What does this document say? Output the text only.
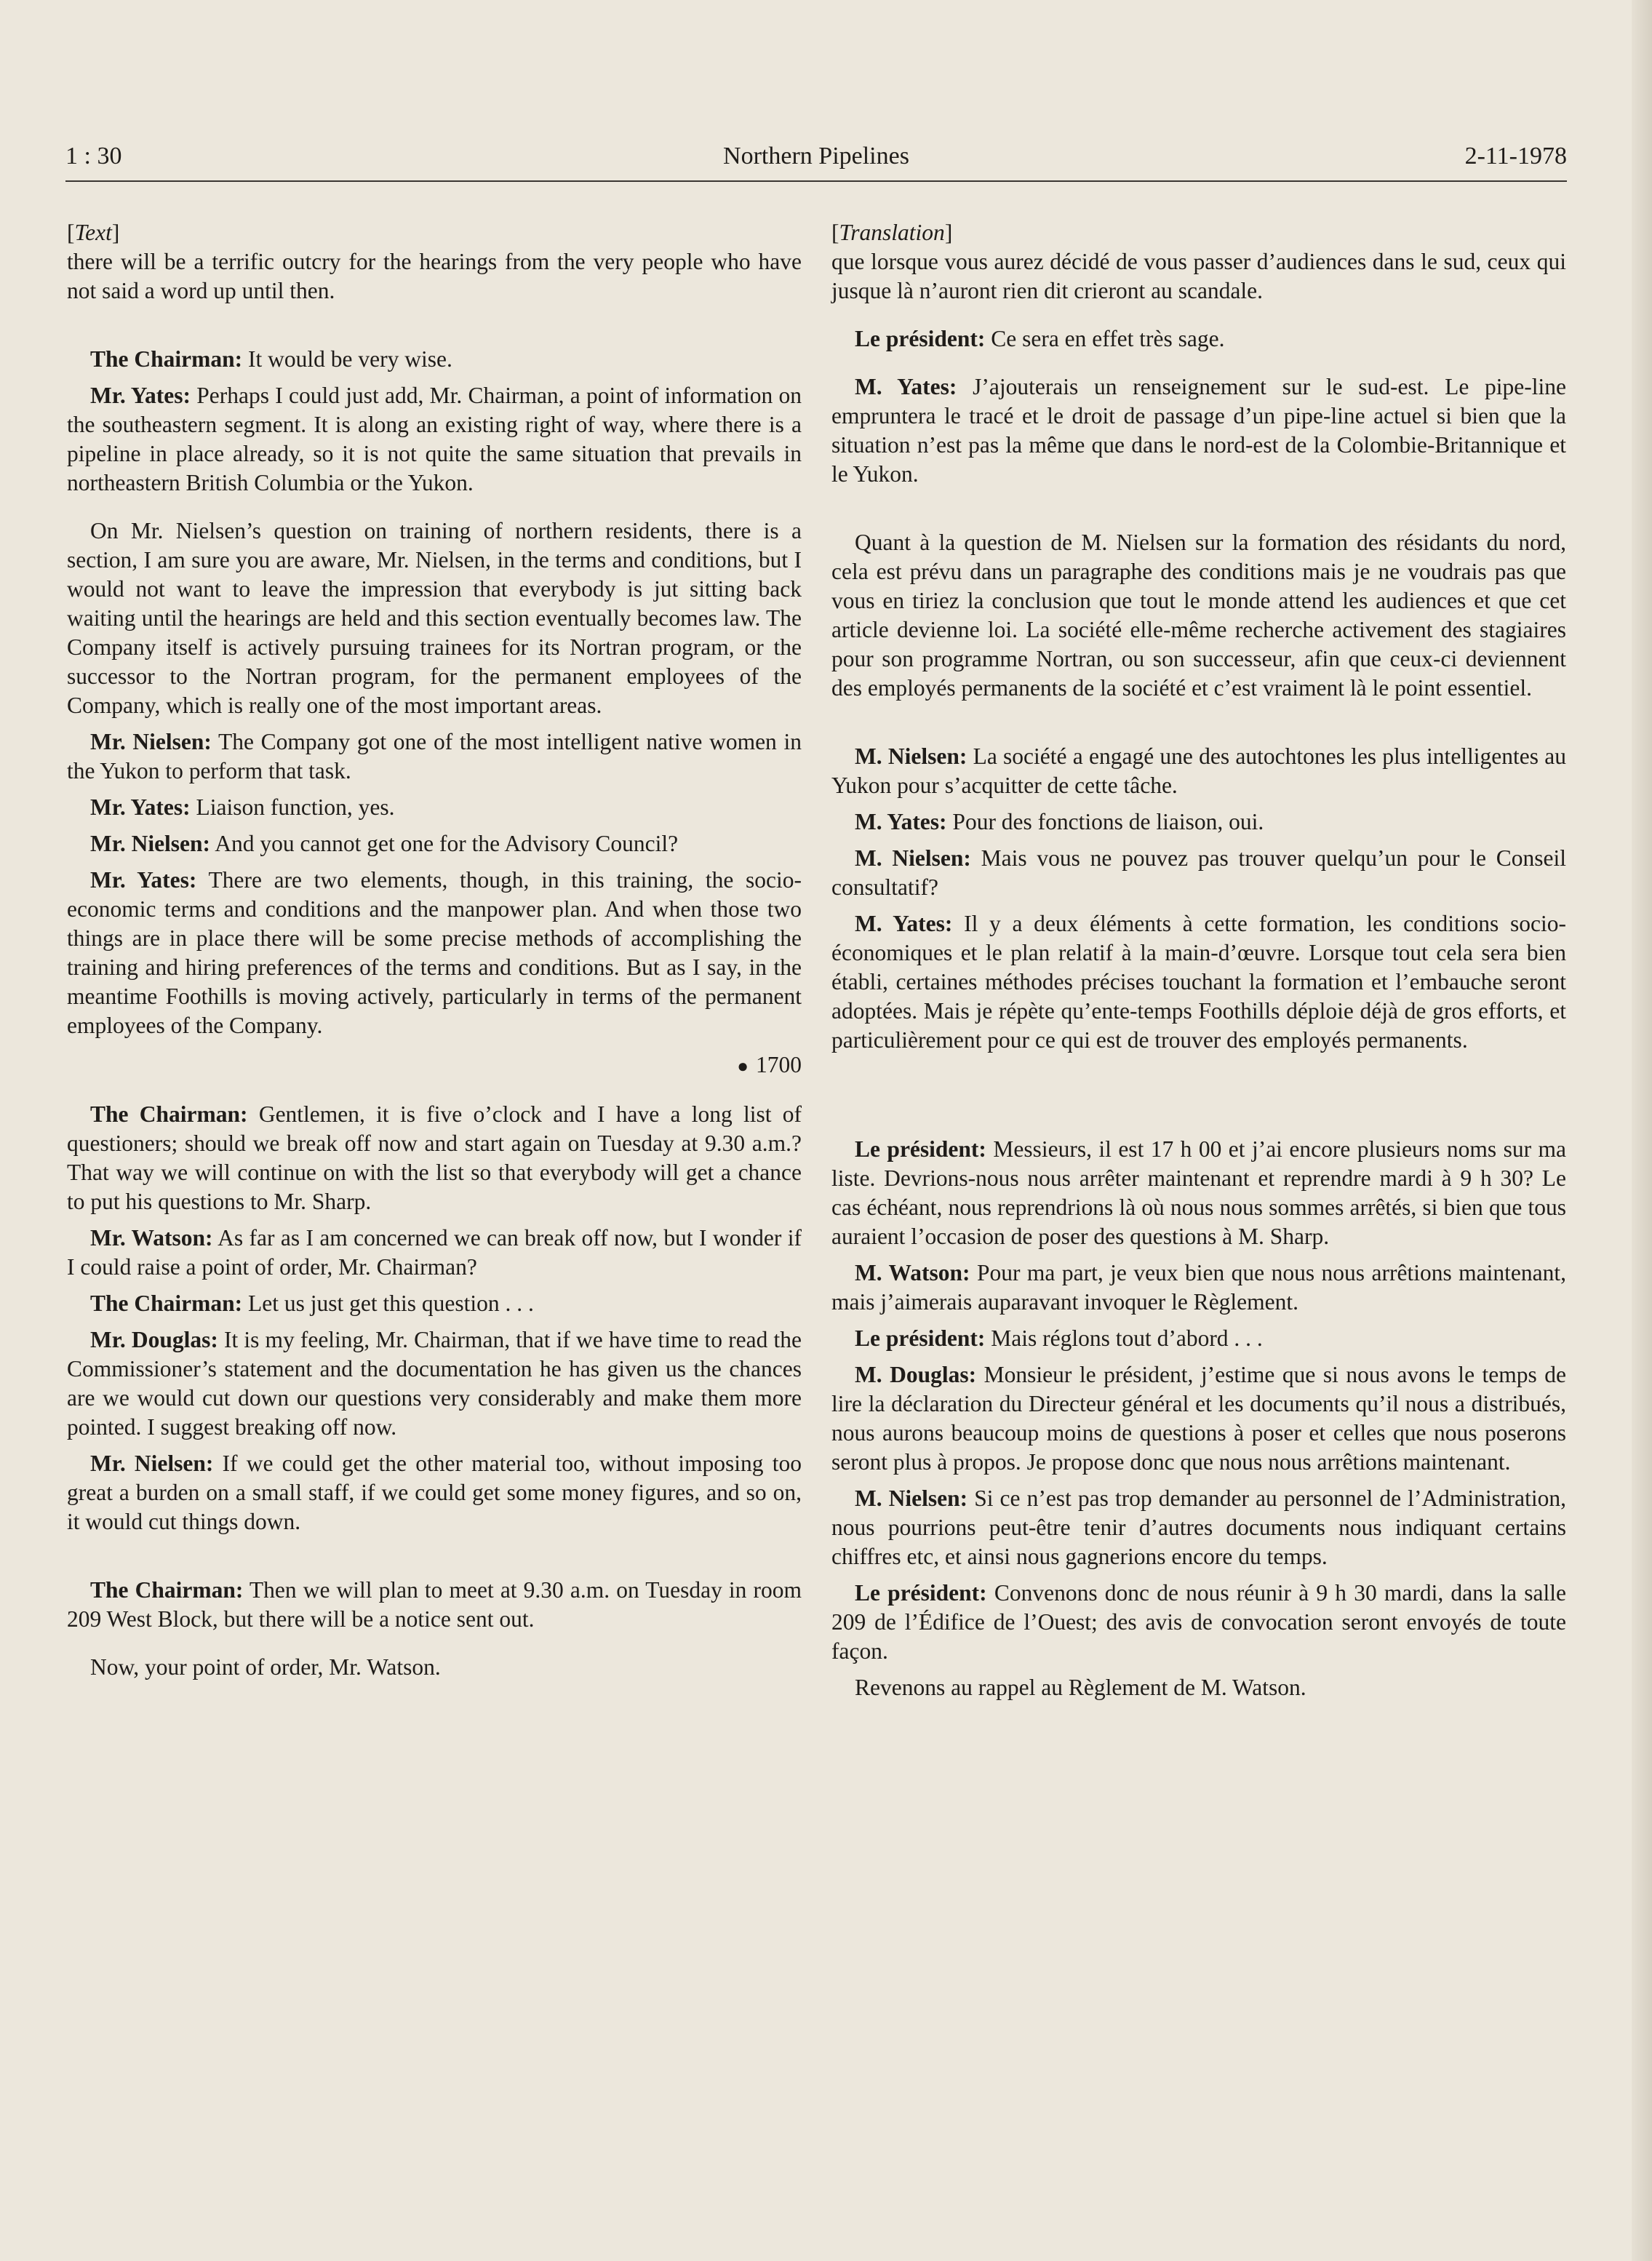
1 : 30	Northern Pipelines	2-11-1978
[Text]

there will be a terrific outcry for the hearings from the very people who have not said a word up until then.

The Chairman: It would be very wise.

Mr. Yates: Perhaps I could just add, Mr. Chairman, a point of information on the southeastern segment. It is along an existing right of way, where there is a pipeline in place already, so it is not quite the same situation that prevails in northeastern British Columbia or the Yukon.

On Mr. Nielsen’s question on training of northern residents, there is a section, I am sure you are aware, Mr. Nielsen, in the terms and conditions, but I would not want to leave the impression that everybody is jut sitting back waiting until the hearings are held and this section eventually becomes law. The Company itself is actively pursuing trainees for its Nortran program, or the successor to the Nortran program, for the permanent employees of the Company, which is really one of the most important areas.

Mr. Nielsen: The Company got one of the most intelligent native women in the Yukon to perform that task.

Mr. Yates: Liaison function, yes.

Mr. Nielsen: And you cannot get one for the Advisory Council?

Mr. Yates: There are two elements, though, in this training, the socio-economic terms and conditions and the manpower plan. And when those two things are in place there will be some precise methods of accomplishing the training and hiring preferences of the terms and conditions. But as I say, in the meantime Foothills is moving actively, particularly in terms of the permanent employees of the Company.

● 1700

The Chairman: Gentlemen, it is five o’clock and I have a long list of questioners; should we break off now and start again on Tuesday at 9.30 a.m.? That way we will continue on with the list so that everybody will get a chance to put his questions to Mr. Sharp.

Mr. Watson: As far as I am concerned we can break off now, but I wonder if I could raise a point of order, Mr. Chairman?

The Chairman: Let us just get this question . . .

Mr. Douglas: It is my feeling, Mr. Chairman, that if we have time to read the Commissioner’s statement and the documentation he has given us the chances are we would cut down our questions very considerably and make them more pointed. I suggest breaking off now.

Mr. Nielsen: If we could get the other material too, without imposing too great a burden on a small staff, if we could get some money figures, and so on, it would cut things down.

The Chairman: Then we will plan to meet at 9.30 a.m. on Tuesday in room 209 West Block, but there will be a notice sent out.

Now, your point of order, Mr. Watson.

[Translation]

que lorsque vous aurez décidé de vous passer d’audiences dans le sud, ceux qui jusque là n’auront rien dit crieront au scandale.

Le président: Ce sera en effet très sage.

M. Yates: J’ajouterais un renseignement sur le sud-est. Le pipe-line empruntera le tracé et le droit de passage d’un pipe-line actuel si bien que la situation n’est pas la même que dans le nord-est de la Colombie-Britannique et le Yukon.

Quant à la question de M. Nielsen sur la formation des résidants du nord, cela est prévu dans un paragraphe des conditions mais je ne voudrais pas que vous en tiriez la conclusion que tout le monde attend les audiences et que cet article devienne loi. La société elle-même recherche activement des stagiaires pour son programme Nortran, ou son successeur, afin que ceux-ci deviennent des employés permanents de la société et c’est vraiment là le point essentiel.

M. Nielsen: La société a engagé une des autochtones les plus intelligentes au Yukon pour s’acquitter de cette tâche.

M. Yates: Pour des fonctions de liaison, oui.

M. Nielsen: Mais vous ne pouvez pas trouver quelqu’un pour le Conseil consultatif?

M. Yates: Il y a deux éléments à cette formation, les conditions socio-économiques et le plan relatif à la main-d’œuvre. Lorsque tout cela sera bien établi, certaines méthodes précises touchant la formation et l’embauche seront adoptées. Mais je répète qu’ente-temps Foothills déploie déjà de gros efforts, et particulièrement pour ce qui est de trouver des employés permanents.

Le président: Messieurs, il est 17 h 00 et j’ai encore plusieurs noms sur ma liste. Devrions-nous nous arrêter maintenant et reprendre mardi à 9 h 30? Le cas échéant, nous reprendrions là où nous nous sommes arrêtés, si bien que tous auraient l’occasion de poser des questions à M. Sharp.

M. Watson: Pour ma part, je veux bien que nous nous arrêtions maintenant, mais j’aimerais auparavant invoquer le Règlement.

Le président: Mais réglons tout d’abord . . .

M. Douglas: Monsieur le président, j’estime que si nous avons le temps de lire la déclaration du Directeur général et les documents qu’il nous a distribués, nous aurons beaucoup moins de questions à poser et celles que nous poserons seront plus à propos. Je propose donc que nous nous arrêtions maintenant.

M. Nielsen: Si ce n’est pas trop demander au personnel de l’Administration, nous pourrions peut-être tenir d’autres documents nous indiquant certains chiffres etc, et ainsi nous gagnerions encore du temps.

Le président: Convenons donc de nous réunir à 9 h 30 mardi, dans la salle 209 de l’Édifice de l’Ouest; des avis de convocation seront envoyés de toute façon.

Revenons au rappel au Règlement de M. Watson.
